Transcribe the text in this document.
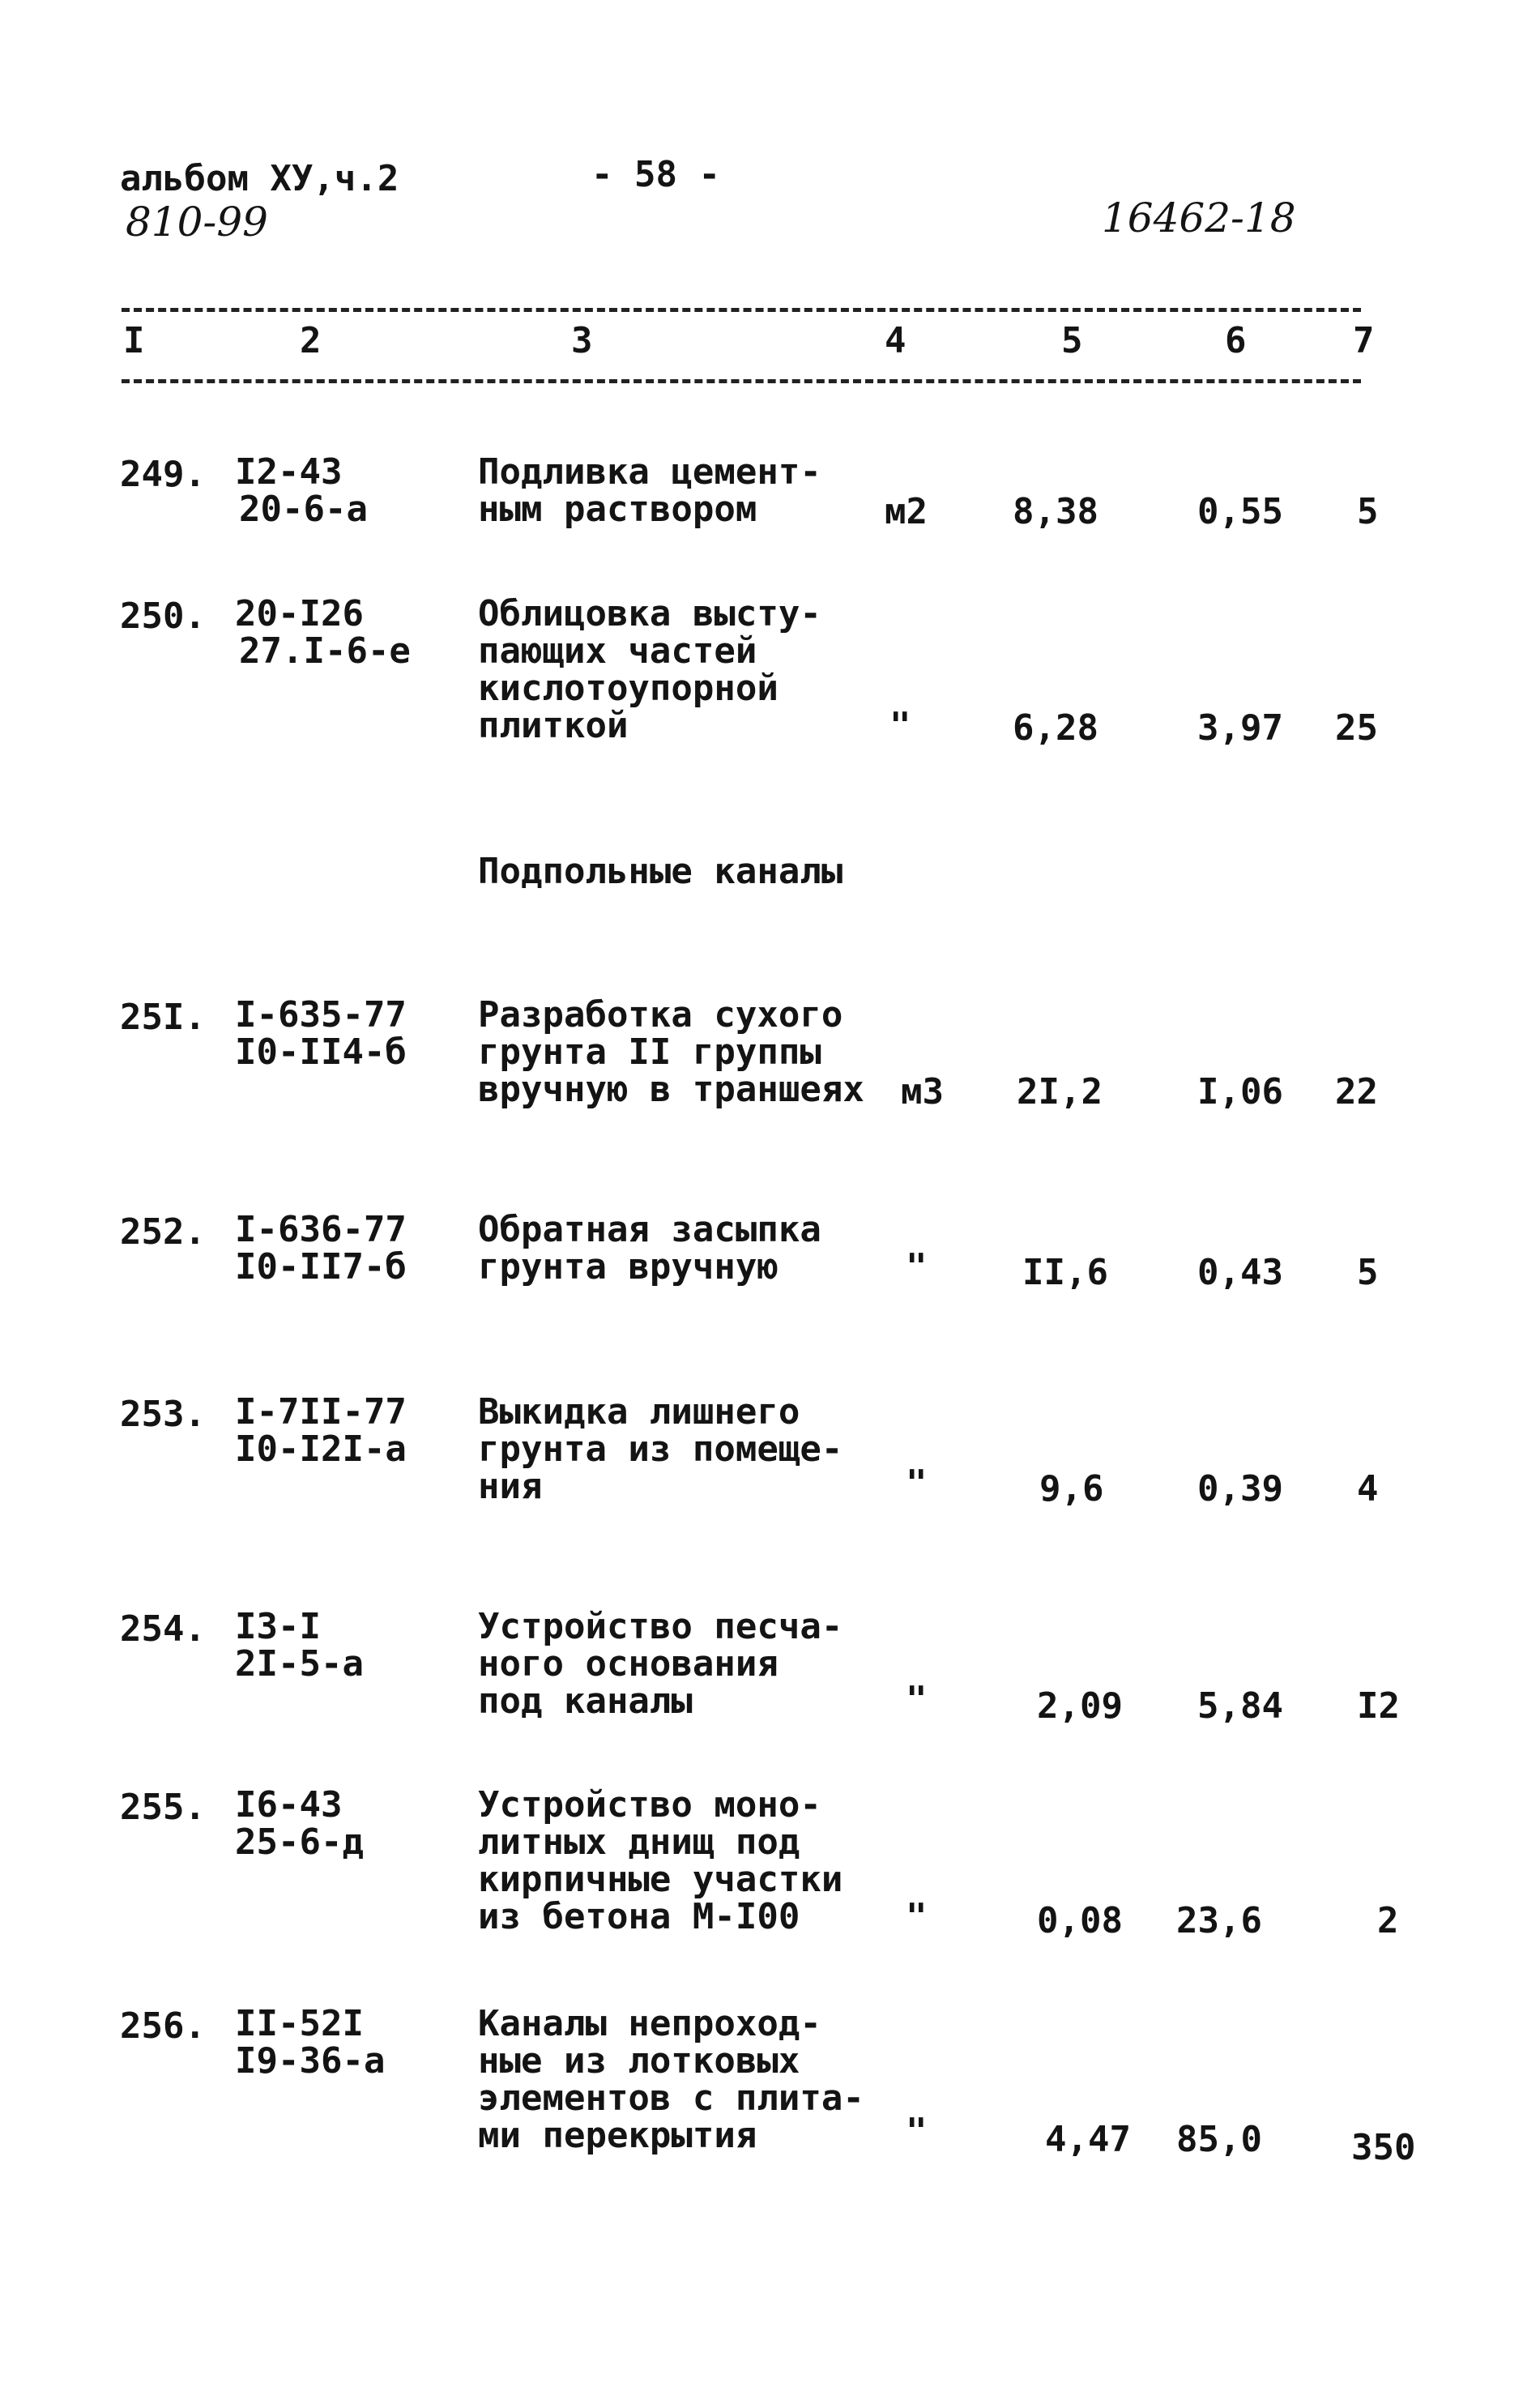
альбом ХУ,ч.2	- 58 -
810-99	16462-18
I	2	3	4	5	6	7
249. I2-43
20-6-а
Подливка цемент-
ным раствором	м2 8,38	0,55 5
250. 20-I26
27.I-6-е
Облицовка высту-
пающих частей
кислотоупорной
плиткой	"	6,28	3,97 25
Подпольные каналы
25I. I-635-77
I0-II4-б
Разработка сухого
грунта II группы
вручную в траншеях м3 2I,2	I,06 22
252. I-636-77
I0-II7-б
Обратная засыпка
грунта вручную	"	II,6	0,43 5
253. I-7II-77
I0-I2I-а
Выкидка лишнего
грунта из помеще-
ния	"	9,6	0,39 4
254. I3-I
2I-5-а
Устройство песча-
ного основания
под каналы	"	2,09 5,84 I2
255. I6-43
25-6-д
Устройство моно-
литных днищ под
кирпичные участки
из бетона М-I00	"	0,08 23,6	2
256. II-52I
I9-36-а
Каналы непроход-
ные из лотковых
элементов с плита-
ми перекрытия	"	4,47 85,0	350
